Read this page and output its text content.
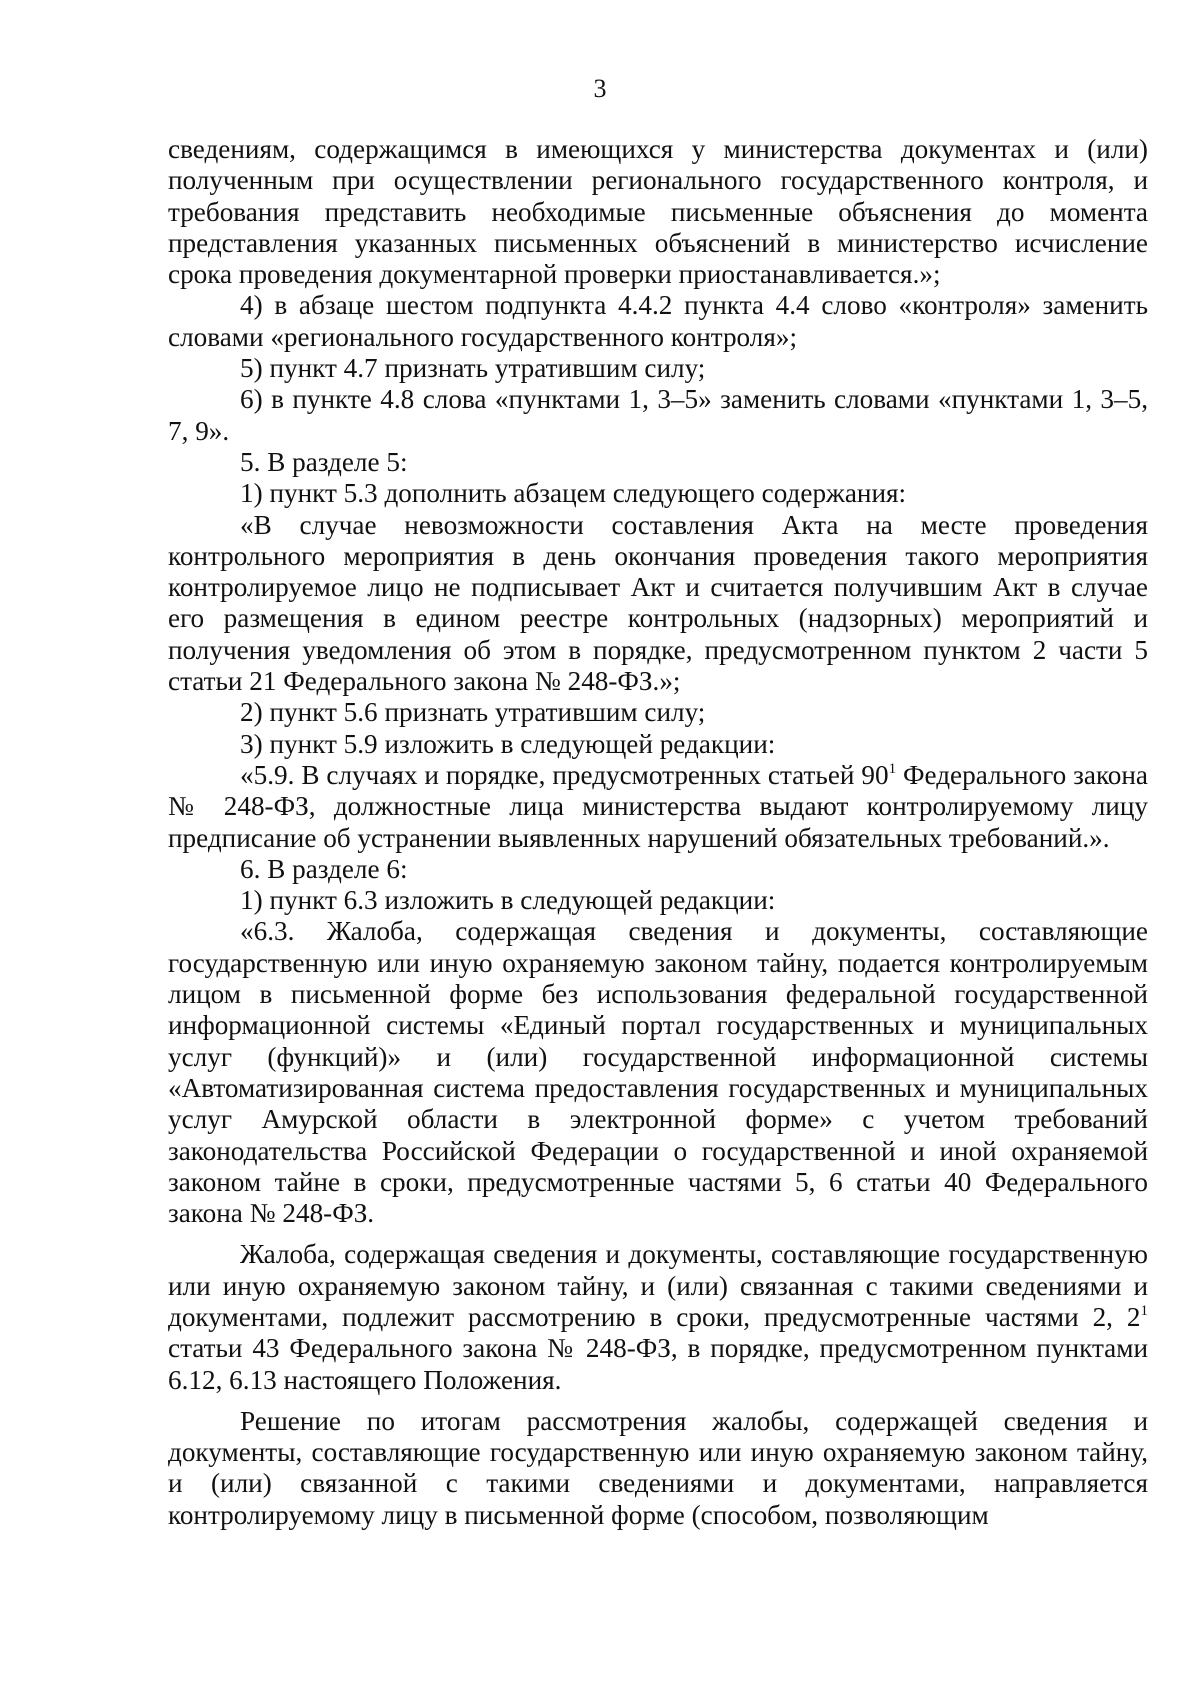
3

сведениям, содержащимся в имеющихся у министерства документах и (или) полученным при осуществлении регионального государственного контроля, и требования представить необходимые письменные объяснения до момента представления указанных письменных объяснений в министерство исчисление срока проведения документарной проверки приостанавливается.»;

4) в абзаце шестом подпункта 4.4.2 пункта 4.4 слово «контроля» заменить словами «регионального государственного контроля»;

5) пункт 4.7 признать утратившим силу;

6) в пункте 4.8 слова «пунктами 1, 3–5» заменить словами «пунктами 1, 3–5, 7, 9».

5. В разделе 5:

1) пункт 5.3 дополнить абзацем следующего содержания:

«В случае невозможности составления Акта на месте проведения контрольного мероприятия в день окончания проведения такого мероприятия контролируемое лицо не подписывает Акт и считается получившим Акт в случае его размещения в едином реестре контрольных (надзорных) мероприятий и получения уведомления об этом в порядке, предусмотренном пунктом 2 части 5 статьи 21 Федерального закона № 248-ФЗ.»;

2) пункт 5.6 признать утратившим силу;

3) пункт 5.9 изложить в следующей редакции:

«5.9. В случаях и порядке, предусмотренных статьей $90^1$ Федерального закона № 248-ФЗ, должностные лица министерства выдают контролируемому лицу предписание об устранении выявленных нарушений обязательных требований.».

6. В разделе 6:

1) пункт 6.3 изложить в следующей редакции:

«6.3. Жалоба, содержащая сведения и документы, составляющие государственную или иную охраняемую законом тайну, подается контролируемым лицом в письменной форме без использования федеральной государственной информационной системы «Единый портал государственных и муниципальных услуг (функций)» и (или) государственной информационной системы «Автоматизированная система предоставления государственных и муниципальных услуг Амурской области в электронной форме» с учетом требований законодательства Российской Федерации о государственной и иной охраняемой законом тайне в сроки, предусмотренные частями 5, 6 статьи 40 Федерального закона № 248-ФЗ.

Жалоба, содержащая сведения и документы, составляющие государственную или иную охраняемую законом тайну, и (или) связанная с такими сведениями и документами, подлежит рассмотрению в сроки, предусмотренные частями 2, $2^1$ статьи 43 Федерального закона № 248-ФЗ, в порядке, предусмотренном пунктами 6.12, 6.13 настоящего Положения.

Решение по итогам рассмотрения жалобы, содержащей сведения и документы, составляющие государственную или иную охраняемую законом тайну, и (или) связанной с такими сведениями и документами, направляется контролируемому лицу в письменной форме (способом, позволяющим
